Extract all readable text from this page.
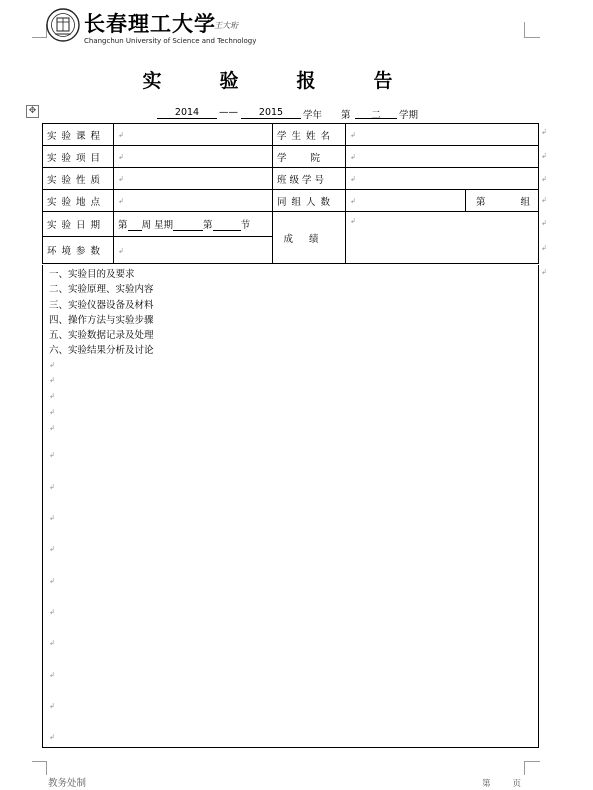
长春理工大学
王大珩
Changchun University of Science and Technology
实验报告
✥	2014	——	2015	学年 第	二	学期
实验课程	↲	学生姓名	↲	
实验项目	↲	学院	↲	
实验性质	↲	班级学号	↲	
实验地点	↲	同组人数	↲	第 组

实验日期	第 周 星期 第 节	成绩	↲	
环境参数	↲			
一、实验目的及要求
二、实验原理、实验内容
三、实验仪器设备及材料
四、操作方法与实验步骤
五、实验数据记录及处理
六、实验结果分析及讨论
↲
↲
↲
↲
↲
↲
↲
↲
↲
↲
↲
↲
↲
↲
↲
↲
↲
↲
↲
↲
↲
↲
教务处制	第	页
